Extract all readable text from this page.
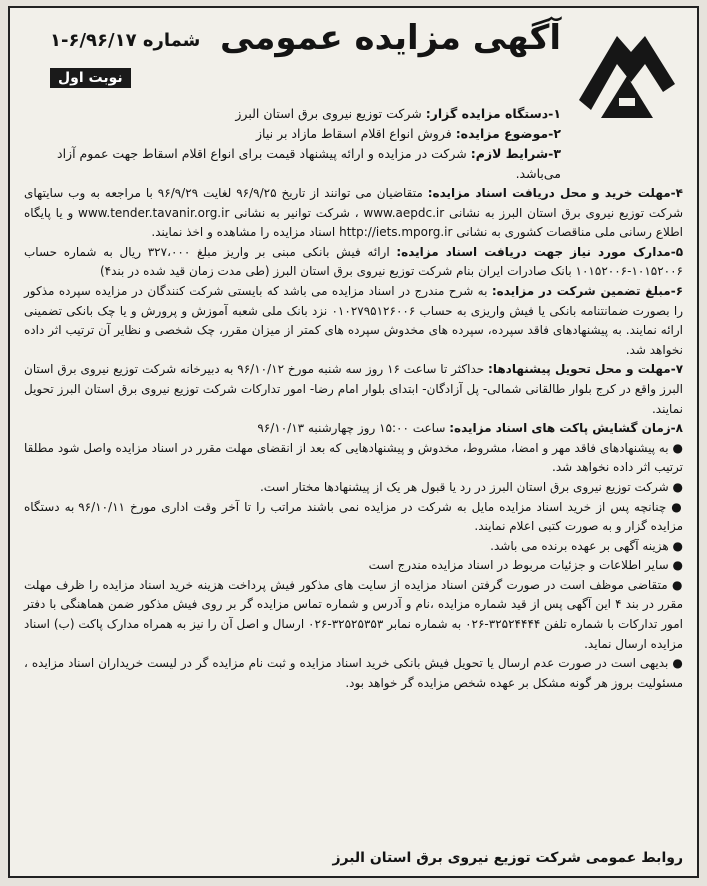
آگهی مزایده عمومی
شماره ۶/۹۶/۱۷-۱
نوبت اول
۱-دستگاه مزایده گزار: شرکت توزیع نیروی برق استان البرز
۲-موضوع مزایده: فروش انواع اقلام اسقاط مازاد بر نیاز
۳-شرایط لازم: شرکت در مزایده و ارائه پیشنهاد قیمت برای انواع اقلام اسقاط جهت عموم آزاد می‌باشد.

۴-مهلت خرید و محل دریافت اسناد مزایده: متقاضیان می توانند از تاریخ ۹۶/۹/۲۵ لغایت ۹۶/۹/۲۹ با مراجعه به وب سایتهای شرکت توزیع نیروی برق استان البرز به نشانی www.aepdc.ir ، شرکت توانیر به نشانی www.tender.tavanir.org.ir و یا پایگاه اطلاع رسانی ملی مناقصات کشوری به نشانی http://iets.mporg.ir اسناد مزایده را مشاهده و اخذ نمایند.

۵-مدارک مورد نیاز جهت دریافت اسناد مزایده: ارائه فیش بانکی مبنی بر واریز مبلغ ۳۲۷،۰۰۰ ریال به شماره حساب ۱۰۱۵۲۰۰۶-۱۰۱۵۲۰۰۶ بانک صادرات ایران بنام شرکت توزیع نیروی برق استان البرز (طی مدت زمان قید شده در بند۴)

۶-مبلغ تضمین شرکت در مزایده: به شرح مندرج در اسناد مزایده می باشد که بایستی شرکت کنندگان در مزایده سپرده مذکور را بصورت ضمانتنامه بانکی یا فیش واریزی به حساب ۰۱۰۲۷۹۵۱۲۶۰۰۶ نزد بانک ملی شعبه آموزش و پرورش و یا چک بانکی تضمینی ارائه نمایند. به پیشنهادهای فاقد سپرده، سپرده های مخدوش سپرده های کمتر از میزان مقرر، چک شخصی و نظایر آن ترتیب اثر داده نخواهد شد.

۷-مهلت و محل تحویل پیشنهادها: حداکثر تا ساعت ۱۶ روز سه شنبه مورخ ۹۶/۱۰/۱۲ به دبیرخانه شرکت توزیع نیروی برق استان البرز واقع در کرج بلوار طالقانی شمالی- پل آزادگان- ابتدای بلوار امام رضا- امور تدارکات شرکت توزیع نیروی برق استان البرز تحویل نمایند.

۸-زمان گشایش پاکت های اسناد مزایده: ساعت ۱۵:۰۰ روز چهارشنبه ۹۶/۱۰/۱۳

● به پیشنهادهای فاقد مهر و امضا، مشروط، مخدوش و پیشنهادهایی که بعد از انقضای مهلت مقرر در اسناد مزایده واصل شود مطلقا ترتیب اثر داده نخواهد شد.

● شرکت توزیع نیروی برق استان البرز در رد یا قبول هر یک از پیشنهادها مختار است.

● چنانچه پس از خرید اسناد مزایده مایل به شرکت در مزایده نمی باشند مراتب را تا آخر وقت اداری مورخ ۹۶/۱۰/۱۱ به دستگاه مزایده گزار و به صورت کتبی اعلام نمایند.

● هزینه آگهی بر عهده برنده می باشد.

● سایر اطلاعات و جزئیات مربوط در اسناد مزایده مندرج است

● متقاضی موظف است در صورت گرفتن اسناد مزایده از سایت های مذکور فیش پرداخت هزینه خرید اسناد مزایده را ظرف مهلت مقرر در بند ۴ این آگهی پس از قید شماره مزایده ،نام و آدرس و شماره تماس مزایده گر بر روی فیش مذکور ضمن هماهنگی با دفتر امور تدارکات با شماره تلفن ۳۲۵۲۴۴۴۴-۰۲۶ به شماره نمابر ۳۲۵۲۵۳۵۳-۰۲۶ ارسال و اصل آن را نیز به همراه مدارک پاکت (ب) اسناد مزایده ارسال نماید.

● بدیهی است در صورت عدم ارسال یا تحویل فیش بانکی خرید اسناد مزایده و ثبت نام مزایده گر در لیست خریداران اسناد مزایده ، مسئولیت بروز هر گونه مشکل بر عهده شخص مزایده گر خواهد بود.

روابط عمومی شرکت توزیع نیروی برق استان البرز
